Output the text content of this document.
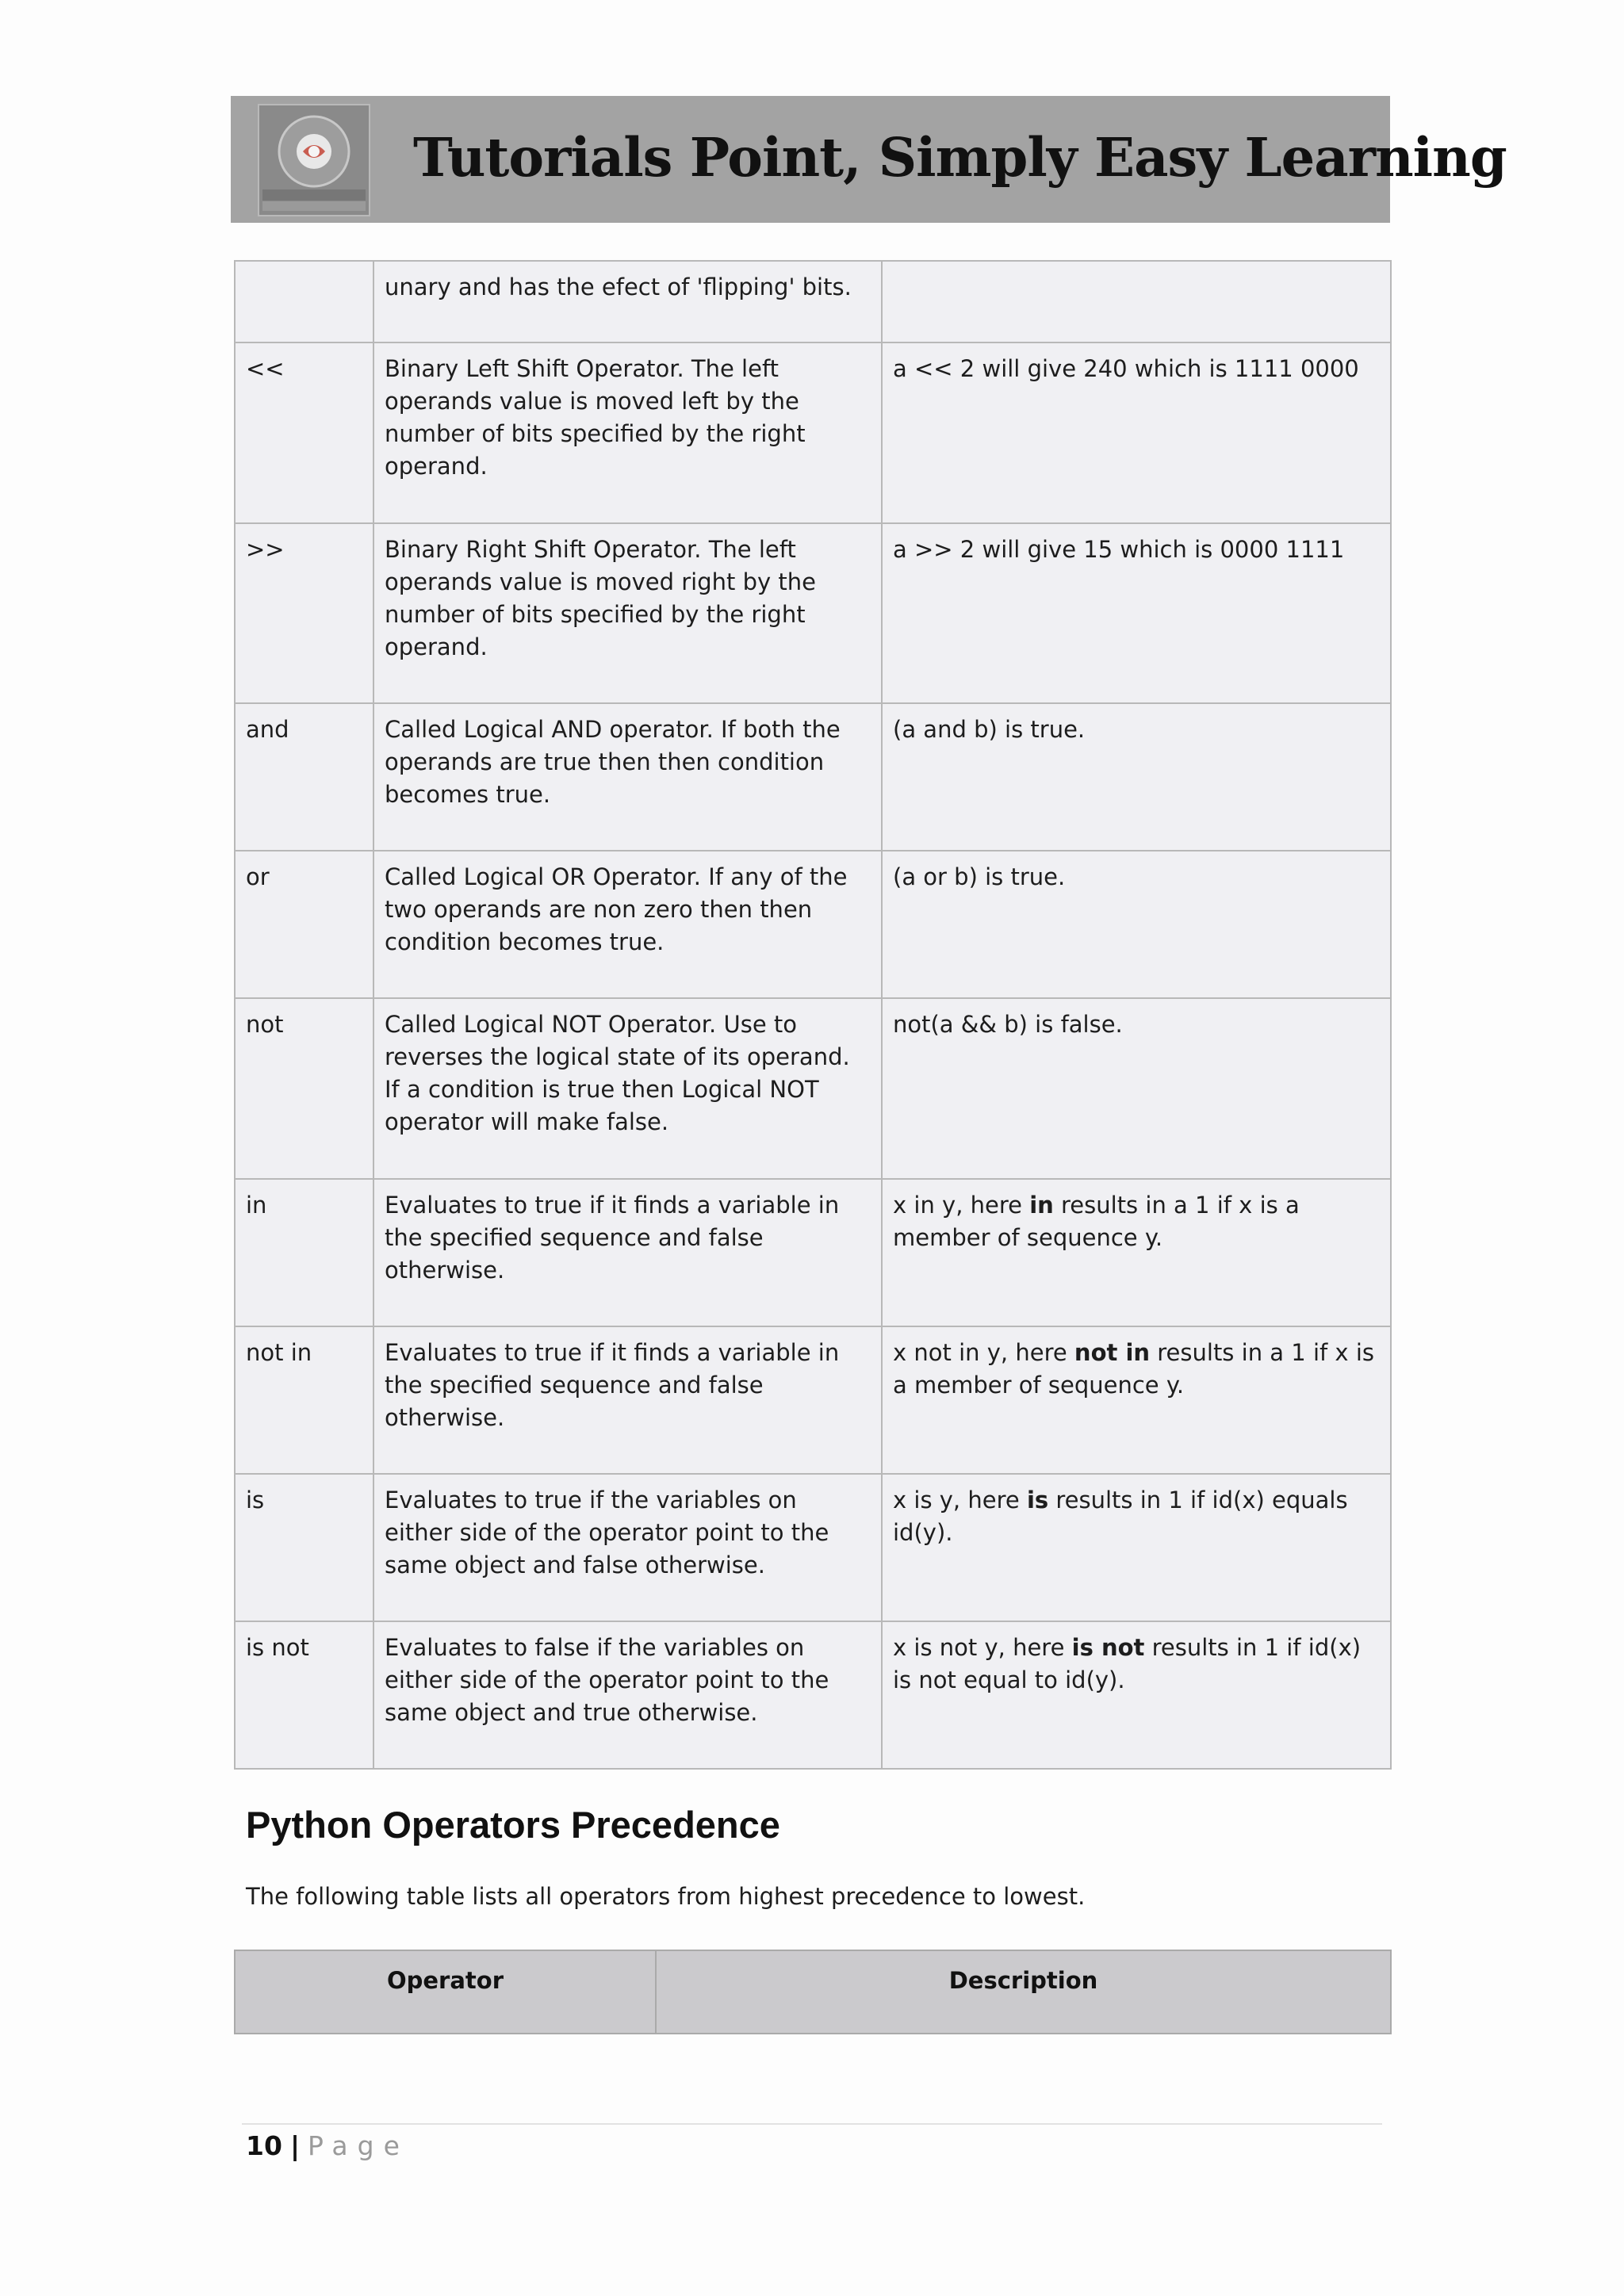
Tutorials Point, Simply Easy Learning
	unary and has the efect of 'flipping' bits.	
<<	Binary Left Shift Operator. The left operands value is moved left by the number of bits specified by the right operand.	a << 2 will give 240 which is 1111 0000
>>	Binary Right Shift Operator. The left operands value is moved right by the number of bits specified by the right operand.	a >> 2 will give 15 which is 0000 1111
and	Called Logical AND operator. If both the operands are true then then condition becomes true.	(a and b) is true.
or	Called Logical OR Operator. If any of the two operands are non zero then then condition becomes true.	(a or b) is true.
not	Called Logical NOT Operator. Use to reverses the logical state of its operand. If a condition is true then Logical NOT operator will make false.	not(a && b) is false.
in	Evaluates to true if it finds a variable in the specified sequence and false otherwise.	x in y, here in results in a 1 if x is a member of sequence y.
not in	Evaluates to true if it finds a variable in the specified sequence and false otherwise.	x not in y, here not in results in a 1 if x is a member of sequence y.
is	Evaluates to true if the variables on either side of the operator point to the same object and false otherwise.	x is y, here is results in 1 if id(x) equals id(y).
is not	Evaluates to false if the variables on either side of the operator point to the same object and true otherwise.	x is not y, here is not results in 1 if id(x) is not equal to id(y).
Python Operators Precedence
The following table lists all operators from highest precedence to lowest.
Operator	Description
10 | Page
